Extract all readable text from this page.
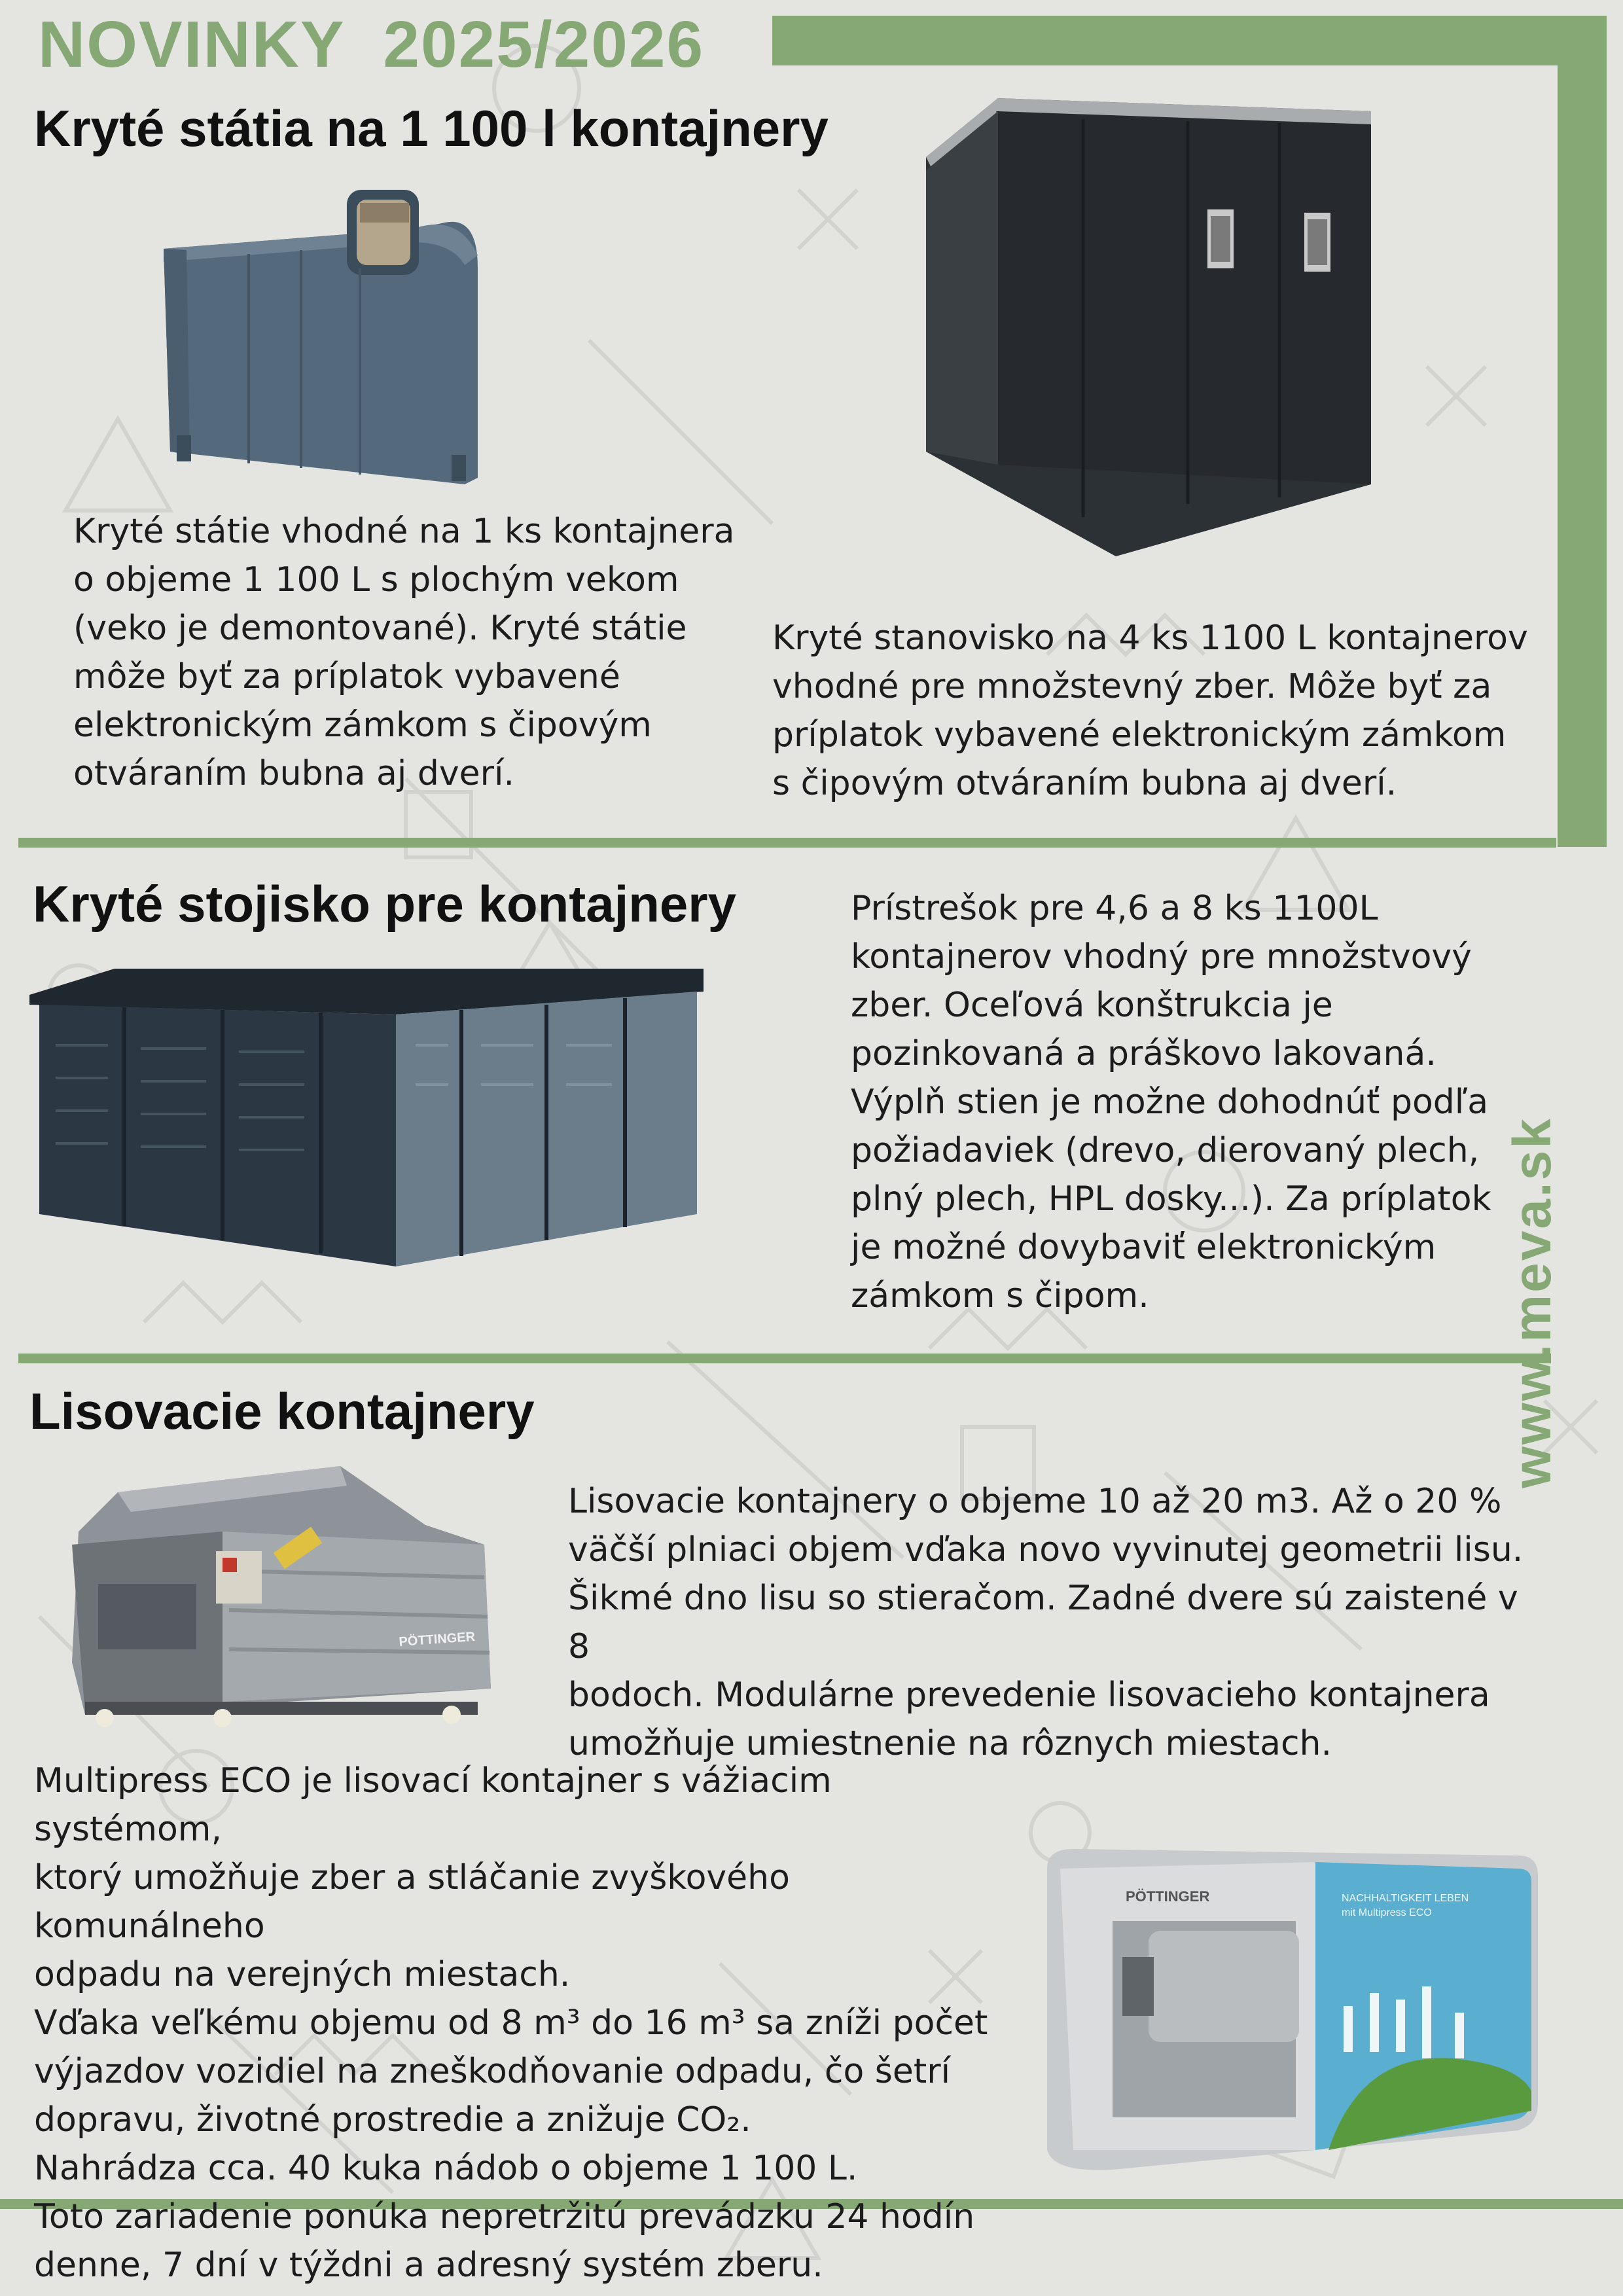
NOVINKY  2025/2026
www.meva.sk
Kryté státia na 1 100 l kontajnery
Kryté státie vhodné na 1 ks kontajnera
o objeme 1 100 L s plochým vekom
(veko je demontované). Kryté státie
môže byť za príplatok vybavené
elektronickým zámkom s čipovým
otváraním bubna aj dverí.
Kryté stanovisko na 4 ks 1100 L kontajnerov
vhodné pre množstevný zber. Môže byť za
príplatok vybavené elektronickým zámkom
s čipovým otváraním bubna aj dverí.
Kryté stojisko pre kontajnery	Prístrešok pre 4,6 a 8 ks 1100L
kontajnerov vhodný pre množstvový
zber. Oceľová konštrukcia je
pozinkovaná a práškovo lakovaná.
Výplň stien je možne dohodnúť podľa
požiadaviek (drevo, dierovaný plech,
plný plech, HPL dosky...). Za príplatok
je možné dovybaviť elektronickým
zámkom s čipom.
Lisovacie kontajnery
PÖTTINGER
Lisovacie kontajnery o objeme 10 až 20 m3. Až o 20 %
väčší plniaci objem vďaka novo vyvinutej geometrii lisu.
Šikmé dno lisu so stieračom. Zadné dvere sú zaistené v 8
bodoch. Modulárne prevedenie lisovacieho kontajnera
umožňuje umiestnenie na rôznych miestach.
Multipress ECO je lisovací kontajner s vážiacim systémom,
ktorý umožňuje zber a stláčanie zvyškového komunálneho
odpadu na verejných miestach.
Vďaka veľkému objemu od 8 m³ do 16 m³ sa zníži počet
výjazdov vozidiel na zneškodňovanie odpadu, čo šetrí
dopravu, životné prostredie a znižuje CO₂.
Nahrádza cca. 40 kuka nádob o objeme 1 100 L.
Toto zariadenie ponúka nepretržitú prevádzku 24 hodín
denne, 7 dní v týždni a adresný systém zberu.
PÖTTINGER	NACHHALTIGKEIT LEBEN
mit Multipress ECO
